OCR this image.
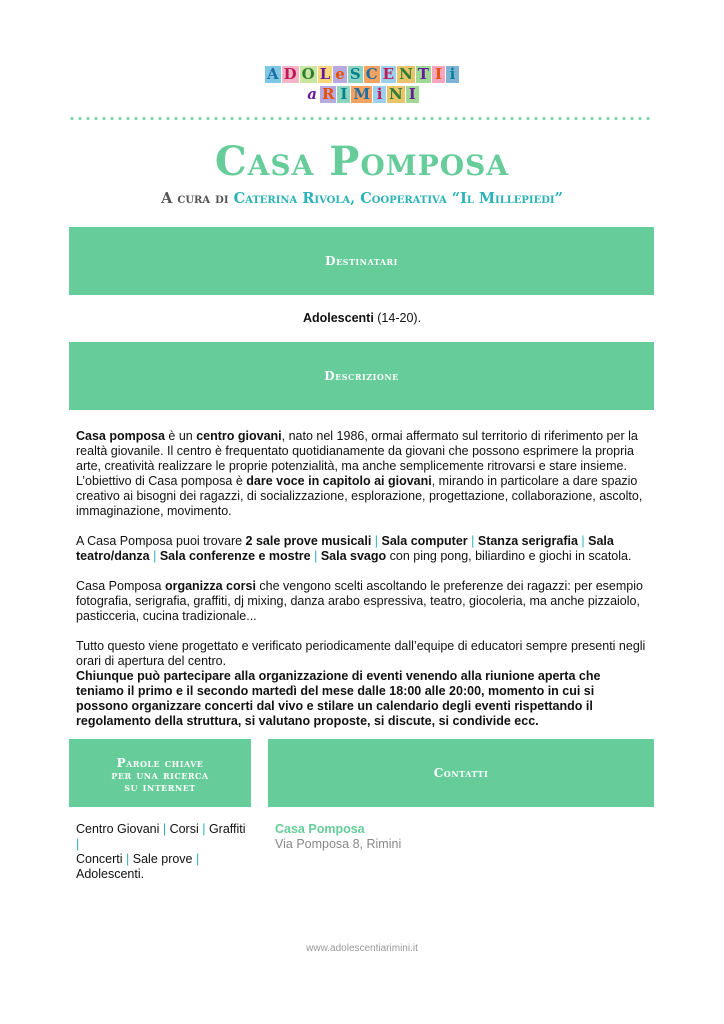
A D O L e S C E N T I i
a R I M i N I
Casa Pomposa

A cura di Caterina Rivola, Cooperativa “Il Millepiedi”

Destinatari
Adolescenti (14-20).
Descrizione

Casa pomposa è un centro giovani, nato nel 1986, ormai affermato sul territorio di riferimento per la realtà giovanile. Il centro è frequentato quotidianamente da giovani che possono esprimere la propria arte, creatività realizzare le proprie potenzialità, ma anche semplicemente ritrovarsi e stare insieme. L’obiettivo di Casa pomposa è dare voce in capitolo ai giovani, mirando in particolare a dare spazio creativo ai bisogni dei ragazzi, di socializzazione, esplorazione, progettazione, collaborazione, ascolto, immaginazione, movimento.

A Casa Pomposa puoi trovare 2 sale prove musicali | Sala computer | Stanza serigrafia | Sala teatro/danza | Sala conferenze e mostre | Sala svago con ping pong, biliardino e giochi in scatola.

Casa Pomposa organizza corsi che vengono scelti ascoltando le preferenze dei ragazzi: per esempio fotografia, serigrafia, graffiti, dj mixing, danza arabo espressiva, teatro, giocoleria, ma anche pizzaiolo, pasticceria, cucina tradizionale...

Tutto questo viene progettato e verificato periodicamente dall’equipe di educatori sempre presenti negli orari di apertura del centro.
Chiunque può partecipare alla organizzazione di eventi venendo alla riunione aperta che teniamo il primo e il secondo martedì del mese dalle 18:00 alle 20:00, momento in cui si possono organizzare concerti dal vivo e stilare un calendario degli eventi rispettando il regolamento della struttura, si valutano proposte, si discute, si condivide ecc.

Parole chiave
per una ricerca
su internet
Contatti
Centro Giovani | Corsi | Graffiti |
Concerti | Sale prove |
Adolescenti.
Casa Pomposa
Via Pomposa 8, Rimini
www.adolescentiarimini.it
